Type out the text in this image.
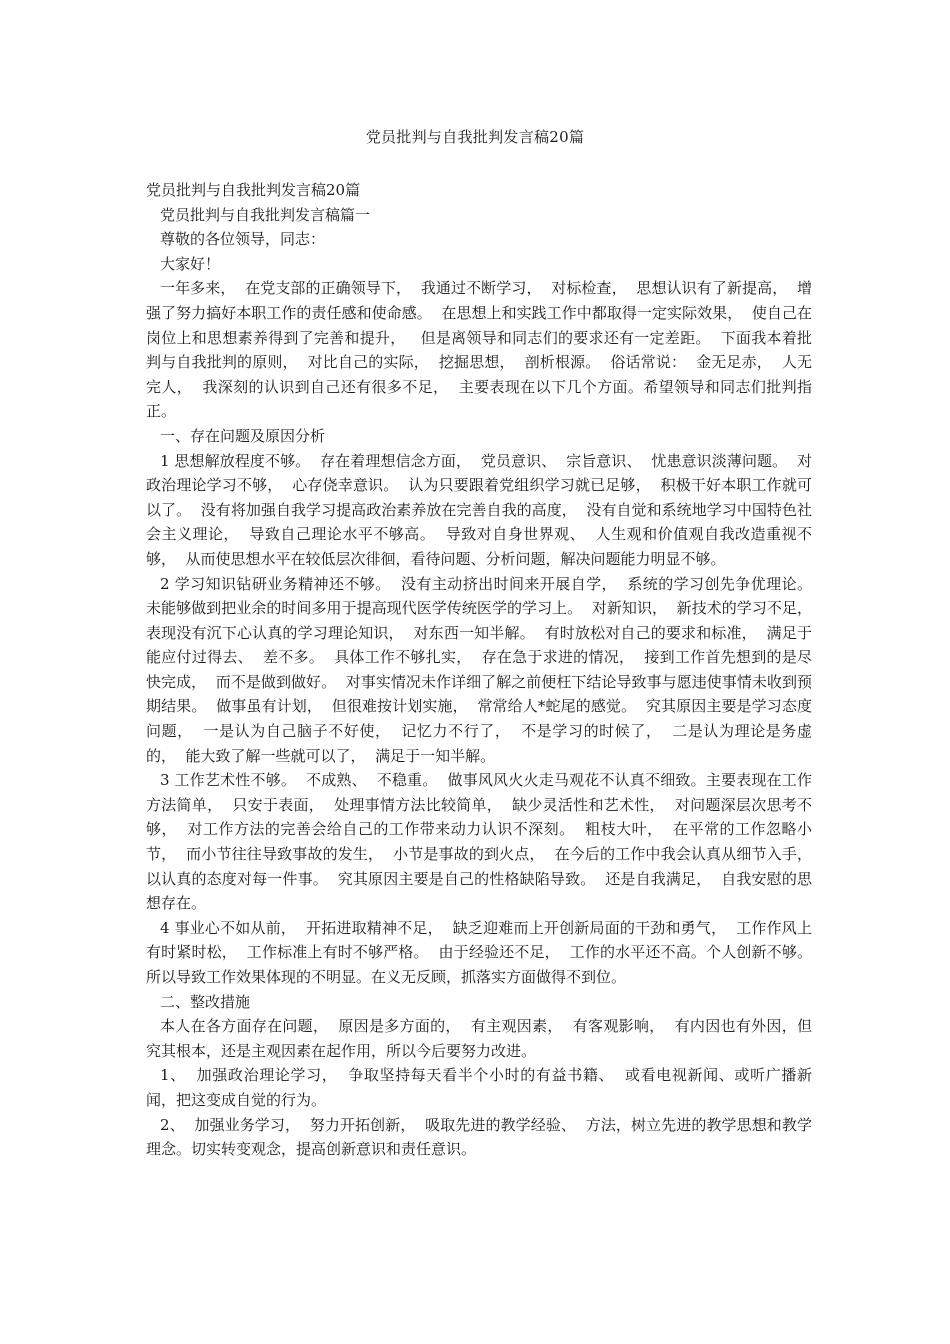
党员批判与自我批判发言稿20篇

党员批判与自我批判发言稿20篇

党员批判与自我批判发言稿篇一

尊敬的各位领导，同志：

大家好！

一年多来，  在党支部的正确领导下，  我通过不断学习，  对标检查，  思想认识有了新提高，  增强了努力搞好本职工作的责任感和使命感。  在思想上和实践工作中都取得一定实际效果，  使自己在岗位上和思想素养得到了完善和提升，   但是离领导和同志们的要求还有一定差距。  下面我本着批判与自我批判的原则，  对比自己的实际，  挖掘思想，  剖析根源。  俗话常说：  金无足赤，  人无完人，  我深刻的认识到自己还有很多不足，  主要表现在以下几个方面。希望领导和同志们批判指正。

一、存在问题及原因分析

1 思想解放程度不够。  存在着理想信念方面，  党员意识、  宗旨意识、  忧患意识淡薄问题。  对政治理论学习不够，  心存侥幸意识。  认为只要跟着党组织学习就已足够，  积极干好本职工作就可以了。  没有将加强自我学习提高政治素养放在完善自我的高度，  没有自觉和系统地学习中国特色社会主义理论，  导致自己理论水平不够高。  导致对自身世界观、  人生观和价值观自我改造重视不够，  从而使思想水平在较低层次徘徊，看待问题、分析问题，解决问题能力明显不够。

2 学习知识钻研业务精神还不够。  没有主动挤出时间来开展自学，  系统的学习创先争优理论。  未能够做到把业余的时间多用于提高现代医学传统医学的学习上。  对新知识，  新技术的学习不足，  表现没有沉下心认真的学习理论知识，  对东西一知半解。  有时放松对自己的要求和标准，  满足于能应付过得去、  差不多。  具体工作不够扎实，  存在急于求进的情况，  接到工作首先想到的是尽快完成，  而不是做到做好。  对事实情况未作详细了解之前便枉下结论导致事与愿违使事情未收到预期结果。  做事虽有计划，  但很难按计划实施，  常常给人*蛇尾的感觉。  究其原因主要是学习态度问题，  一是认为自己脑子不好使，  记忆力不行了，  不是学习的时候了，  二是认为理论是务虚的，  能大致了解一些就可以了，  满足于一知半解。

3 工作艺术性不够。  不成熟、  不稳重。  做事风风火火走马观花不认真不细致。主要表现在工作方法简单，  只安于表面，  处理事情方法比较简单，  缺少灵活性和艺术性，  对问题深层次思考不够，  对工作方法的完善会给自己的工作带来动力认识不深刻。  粗枝大叶，  在平常的工作忽略小节，  而小节往往导致事故的发生，  小节是事故的到火点，  在今后的工作中我会认真从细节入手，  以认真的态度对每一件事。  究其原因主要是自己的性格缺陷导致。  还是自我满足，  自我安慰的思想存在。

4 事业心不如从前，  开拓进取精神不足，  缺乏迎难而上开创新局面的干劲和勇气，  工作作风上有时紧时松，  工作标准上有时不够严格。  由于经验还不足，  工作的水平还不高。个人创新不够。所以导致工作效果体现的不明显。在义无反顾，抓落实方面做得不到位。

二、整改措施

本人在各方面存在问题，  原因是多方面的，  有主观因素，  有客观影响，  有内因也有外因，但究其根本，还是主观因素在起作用，所以今后要努力改进。

1、  加强政治理论学习，  争取坚持每天看半个小时的有益书籍、  或看电视新闻、或听广播新闻，把这变成自觉的行为。

2、  加强业务学习，  努力开拓创新，  吸取先进的教学经验、  方法，树立先进的教学思想和教学理念。切实转变观念，提高创新意识和责任意识。
